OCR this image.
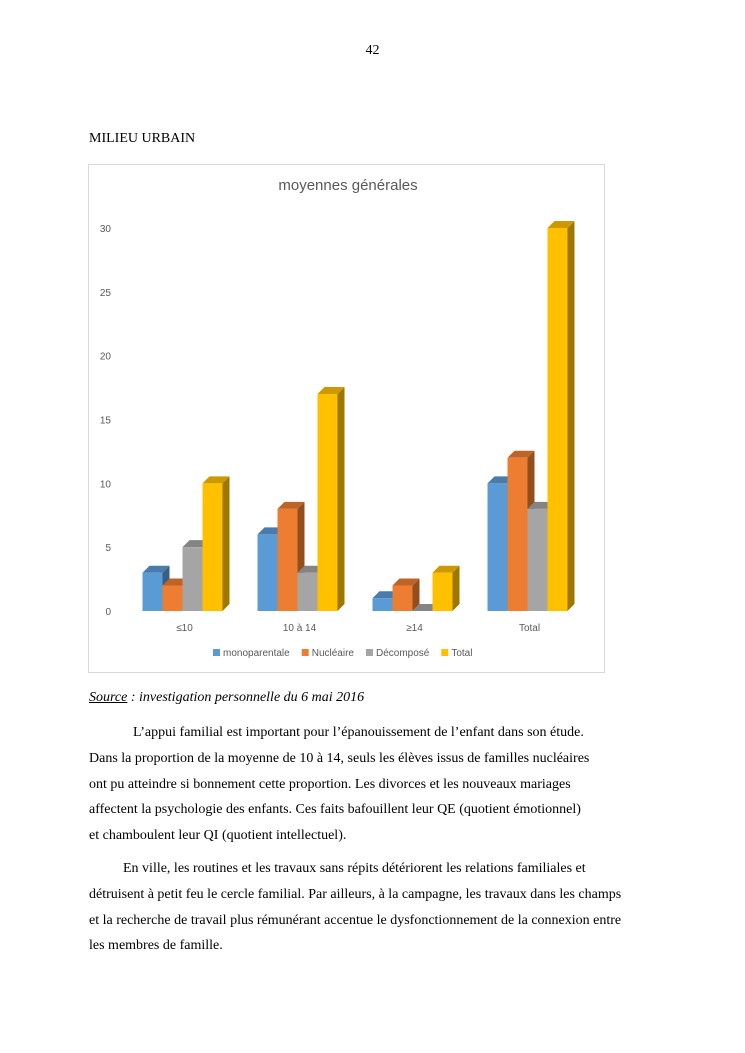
42
MILIEU URBAIN
moyennes générales
0
5
10
15
20
25
30
≤10	10 à 14	≥14	Total
monoparentale Nucléaire Décomposé Total
Source : investigation personnelle du 6 mai 2016
L’appui familial est important pour l’épanouissement de l’enfant dans son étude.
Dans la proportion de la moyenne de 10 à 14, seuls les élèves issus de familles nucléaires
ont pu atteindre si bonnement cette proportion. Les divorces et les nouveaux mariages
affectent la psychologie des enfants. Ces faits bafouillent leur QE (quotient émotionnel)
et chamboulent leur QI (quotient intellectuel).
En ville, les routines et les travaux sans répits détériorent les relations familiales et
détruisent à petit feu le cercle familial. Par ailleurs, à la campagne, les travaux dans les champs
et la recherche de travail plus rémunérant accentue le dysfonctionnement de la connexion entre
les membres de famille.
